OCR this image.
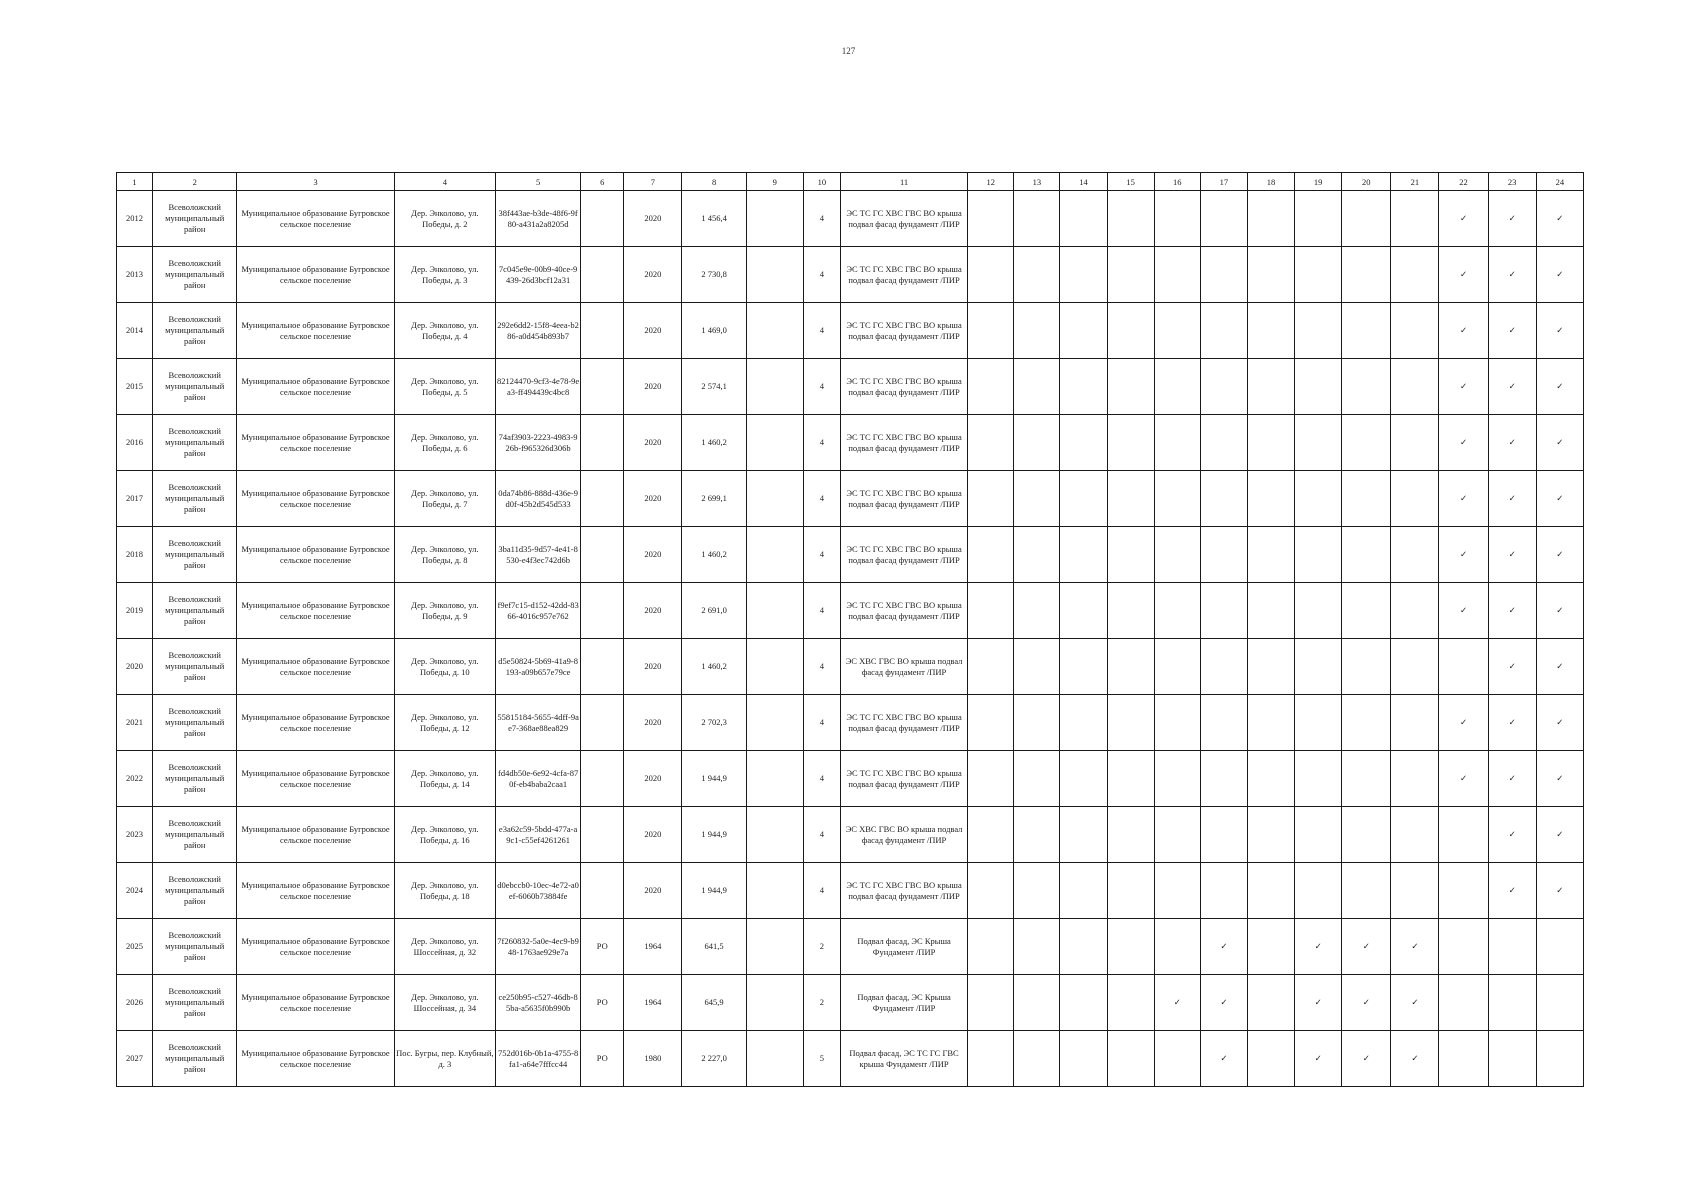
127
1	2	3	4	5	6	7	8	9	10	11	12	13	14	15	16	17	18	19	20	21	22	23	24
2012	Всеволожский муниципальный район	Муниципальное образование Бугровское сельское поселение	Дер. Энколово, ул. Победы, д. 2	38f443ae-b3de-48f6-9f80-a431a2a8205d		2020	1 456,4		4	ЭС ТС ГС ХВС ГВС ВО крыша подвал фасад фундамент /ПИР											✓	✓	✓
2013	Всеволожский муниципальный район	Муниципальное образование Бугровское сельское поселение	Дер. Энколово, ул. Победы, д. 3	7c045e9e-00b9-40ce-9439-26d3bcf12a31		2020	2 730,8		4	ЭС ТС ГС ХВС ГВС ВО крыша подвал фасад фундамент /ПИР											✓	✓	✓
2014	Всеволожский муниципальный район	Муниципальное образование Бугровское сельское поселение	Дер. Энколово, ул. Победы, д. 4	292e6dd2-15f8-4eea-b286-a0d454b893b7		2020	1 469,0		4	ЭС ТС ГС ХВС ГВС ВО крыша подвал фасад фундамент /ПИР											✓	✓	✓
2015	Всеволожский муниципальный район	Муниципальное образование Бугровское сельское поселение	Дер. Энколово, ул. Победы, д. 5	82124470-9cf3-4e78-9ea3-ff494439c4bc8		2020	2 574,1		4	ЭС ТС ГС ХВС ГВС ВО крыша подвал фасад фундамент /ПИР											✓	✓	✓
2016	Всеволожский муниципальный район	Муниципальное образование Бугровское сельское поселение	Дер. Энколово, ул. Победы, д. 6	74af3903-2223-4983-926b-f965326d306b		2020	1 460,2		4	ЭС ТС ГС ХВС ГВС ВО крыша подвал фасад фундамент /ПИР											✓	✓	✓
2017	Всеволожский муниципальный район	Муниципальное образование Бугровское сельское поселение	Дер. Энколово, ул. Победы, д. 7	0da74b86-888d-436e-9d0f-45b2d545d533		2020	2 699,1		4	ЭС ТС ГС ХВС ГВС ВО крыша подвал фасад фундамент /ПИР											✓	✓	✓
2018	Всеволожский муниципальный район	Муниципальное образование Бугровское сельское поселение	Дер. Энколово, ул. Победы, д. 8	3ba11d35-9d57-4e41-8530-e4f3ec742d6b		2020	1 460,2		4	ЭС ТС ГС ХВС ГВС ВО крыша подвал фасад фундамент /ПИР											✓	✓	✓
2019	Всеволожский муниципальный район	Муниципальное образование Бугровское сельское поселение	Дер. Энколово, ул. Победы, д. 9	f9ef7c15-d152-42dd-8366-4016c957e762		2020	2 691,0		4	ЭС ТС ГС ХВС ГВС ВО крыша подвал фасад фундамент /ПИР											✓	✓	✓
2020	Всеволожский муниципальный район	Муниципальное образование Бугровское сельское поселение	Дер. Энколово, ул. Победы, д. 10	d5e50824-5b69-41a9-8193-a09b657e79ce		2020	1 460,2		4	ЭС ХВС ГВС ВО крыша подвал фасад фундамент /ПИР												✓	✓
2021	Всеволожский муниципальный район	Муниципальное образование Бугровское сельское поселение	Дер. Энколово, ул. Победы, д. 12	55815184-5655-4dff-9ae7-368ae88ea829		2020	2 702,3		4	ЭС ТС ГС ХВС ГВС ВО крыша подвал фасад фундамент /ПИР											✓	✓	✓
2022	Всеволожский муниципальный район	Муниципальное образование Бугровское сельское поселение	Дер. Энколово, ул. Победы, д. 14	fd4db50e-6e92-4cfa-870f-eb4baba2caa1		2020	1 944,9		4	ЭС ТС ГС ХВС ГВС ВО крыша подвал фасад фундамент /ПИР											✓	✓	✓
2023	Всеволожский муниципальный район	Муниципальное образование Бугровское сельское поселение	Дер. Энколово, ул. Победы, д. 16	e3a62c59-5bdd-477a-a9c1-c55ef4261261		2020	1 944,9		4	ЭС ХВС ГВС ВО крыша подвал фасад фундамент /ПИР												✓	✓
2024	Всеволожский муниципальный район	Муниципальное образование Бугровское сельское поселение	Дер. Энколово, ул. Победы, д. 18	d0ebccb0-10ec-4e72-a0ef-6060b73884fe		2020	1 944,9		4	ЭС ТС ГС ХВС ГВС ВО крыша подвал фасад фундамент /ПИР												✓	✓
2025	Всеволожский муниципальный район	Муниципальное образование Бугровское сельское поселение	Дер. Энколово, ул. Шоссейная, д. 32	7f260832-5a0e-4ec9-b948-1763ae929e7a	РО	1964	641,5		2	Подвал фасад, ЭС Крыша Фундамент /ПИР						✓		✓	✓	✓			
2026	Всеволожский муниципальный район	Муниципальное образование Бугровское сельское поселение	Дер. Энколово, ул. Шоссейная, д. 34	ce250b95-c527-46db-85ba-a5635f0b990b	РО	1964	645,9		2	Подвал фасад, ЭС Крыша Фундамент /ПИР					✓	✓		✓	✓	✓			
2027	Всеволожский муниципальный район	Муниципальное образование Бугровское сельское поселение	Пос. Бугры, пер. Клубный, д. 3	752d016b-0b1a-4755-8fa1-a64e7fffcc44	РО	1980	2 227,0		5	Подвал фасад, ЭС ТС ГС ГВС крыша Фундамент /ПИР						✓		✓	✓	✓			
